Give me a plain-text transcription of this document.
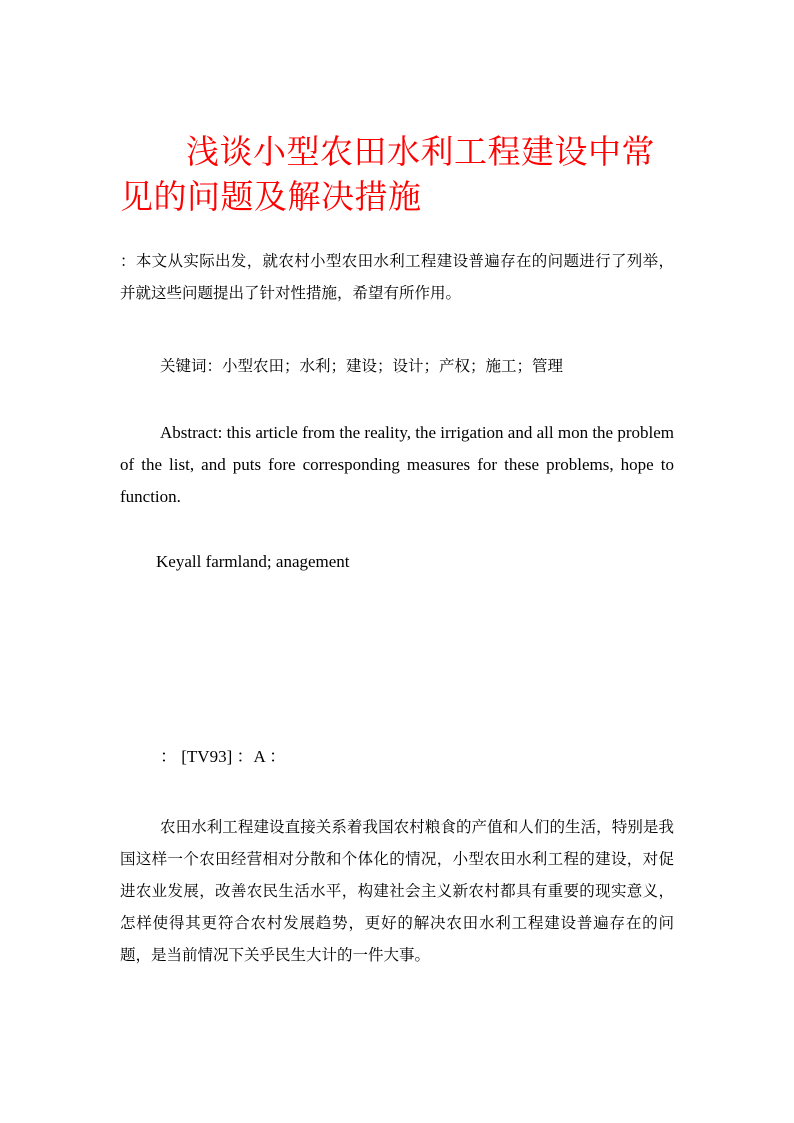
浅谈小型农田水利工程建设中常见的问题及解决措施
：本文从实际出发，就农村小型农田水利工程建设普遍存在的问题进行了列举，并就这些问题提出了针对性措施，希望有所作用。
关键词：小型农田；水利；建设；设计；产权；施工；管理
Abstract: this article from the reality, the irrigation and all mon the problem of the list, and puts fore corresponding measures for these problems, hope to function.
Keyall farmland; anagement
： [TV93] ：A ：
农田水利工程建设直接关系着我国农村粮食的产值和人们的生活，特别是我国这样一个农田经营相对分散和个体化的情况，小型农田水利工程的建设，对促进农业发展，改善农民生活水平，构建社会主义新农村都具有重要的现实意义，怎样使得其更符合农村发展趋势，更好的解决农田水利工程建设普遍存在的问题，是当前情况下关乎民生大计的一件大事。
